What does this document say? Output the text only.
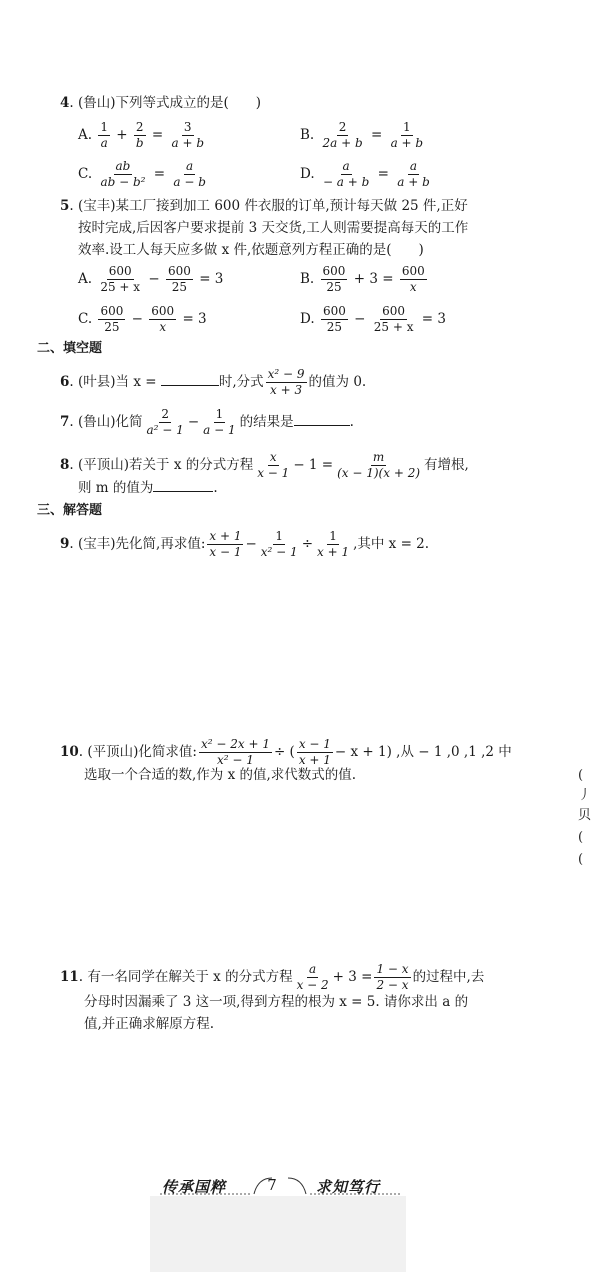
4. (鲁山)下列等式成立的是(　　)
A. $\frac{1}{a} + \frac{2}{b} = \frac{3}{a + b}$	B. $\frac{2}{2a + b} = \frac{1}{a + b}$
C. $\frac{ab}{\text{ab − b²}} = \frac{a}{a - b}$	D. $\frac{a}{- a + b} = \frac{a}{a + b}$
5. (宝丰)某工厂接到加工 600 件衣服的订单,预计每天做 25 件,正好
按时完成,后因客户要求提前 3 天交货,工人则需要提高每天的工作
效率.设工人每天应多做 x 件,依题意列方程正确的是(　　)
A. $\frac{600}{25 + x} - \frac{600}{25} = 3$	B. $\frac{600}{25} + 3 = \frac{600}{x}$
C. $\frac{600}{25} - \frac{600}{x} = 3$	D. $\frac{600}{25} - \frac{600}{25 + x} = 3$
二、填空题
6. (叶县)当 x =	时,分式 $\frac{\text{x² − 9}}{x + 3}$ 的值为 0.
7. (鲁山)化简 $\frac{2}{\text{a² − 1}} - \frac{1}{a - 1}$ 的结果是	.
8. (平顶山)若关于 x 的分式方程 $\frac{x}{x - 1} - 1 = \frac{m}{(x - 1)(x + 2)}$ 有增根,
则 m 的值为	.
三、解答题
9. (宝丰)先化简,再求值: $\frac{x + 1}{x - 1} - \frac{1}{\text{x² − 1}} \div \frac{1}{x + 1}$ ,其中 x = 2.
10. (平顶山)化简求值: $\frac{\text{x² − 2x + 1}}{\text{x² − 1}}$ ÷ ( $\frac{x - 1}{x + 1} - x + 1$) ,从 − 1 ,0 ,1 ,2 中
选取一个合适的数,作为 x 的值,求代数式的值.	(
丿
贝
(
(
11. 有一名同学在解关于 x 的分式方程 $\frac{a}{x - 2} + 3 = \frac{1 - x}{2 - x}$ 的过程中,去
分母时因漏乘了 3 这一项,得到方程的根为 x = 5. 请你求出 a 的
值,并正确求解原方程.
传承国粹	7	求知笃行
